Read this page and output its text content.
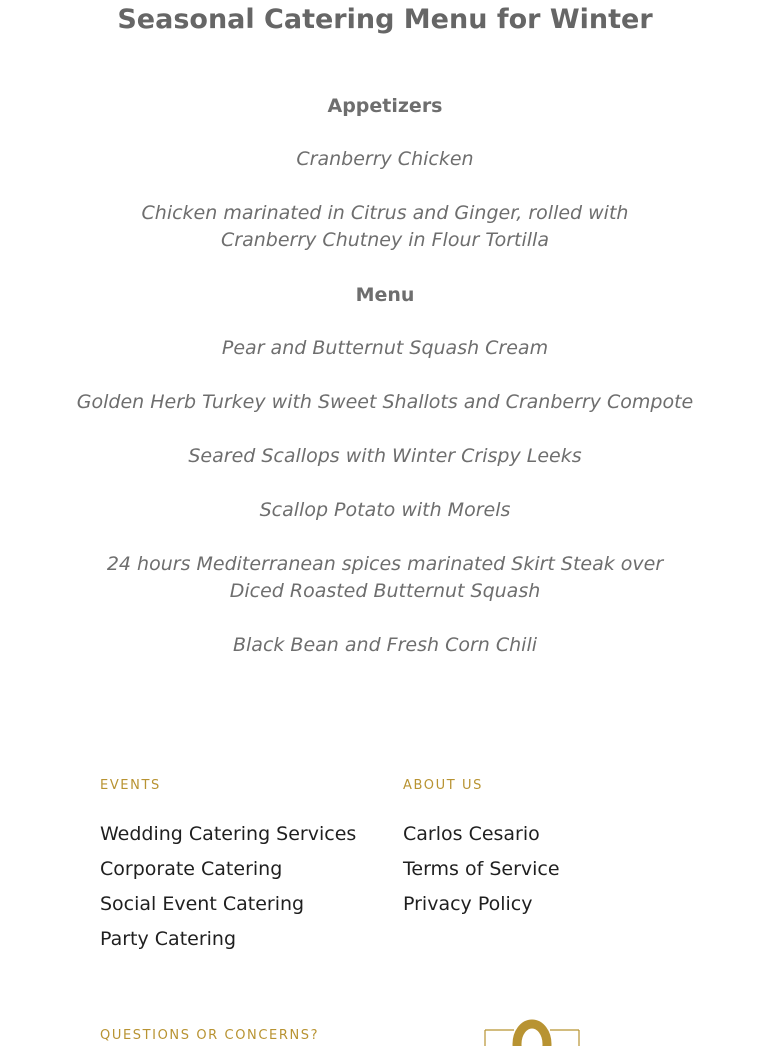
Seasonal Catering Menu for Winter
Appetizers

Cranberry Chicken

Chicken marinated in Citrus and Ginger, rolled with Cranberry Chutney in Flour Tortilla

Menu

Pear and Butternut Squash Cream

Golden Herb Turkey with Sweet Shallots and Cranberry Compote

Seared Scallops with Winter Crispy Leeks

Scallop Potato with Morels

24 hours Mediterranean spices marinated Skirt Steak over Diced Roasted Butternut Squash

Black Bean and Fresh Corn Chili

EVENTS
Wedding Catering Services
Corporate Catering
Social Event Catering
Party Catering
ABOUT US
Carlos Cesario
Terms of Service
Privacy Policy
QUESTIONS OR CONCERNS?
